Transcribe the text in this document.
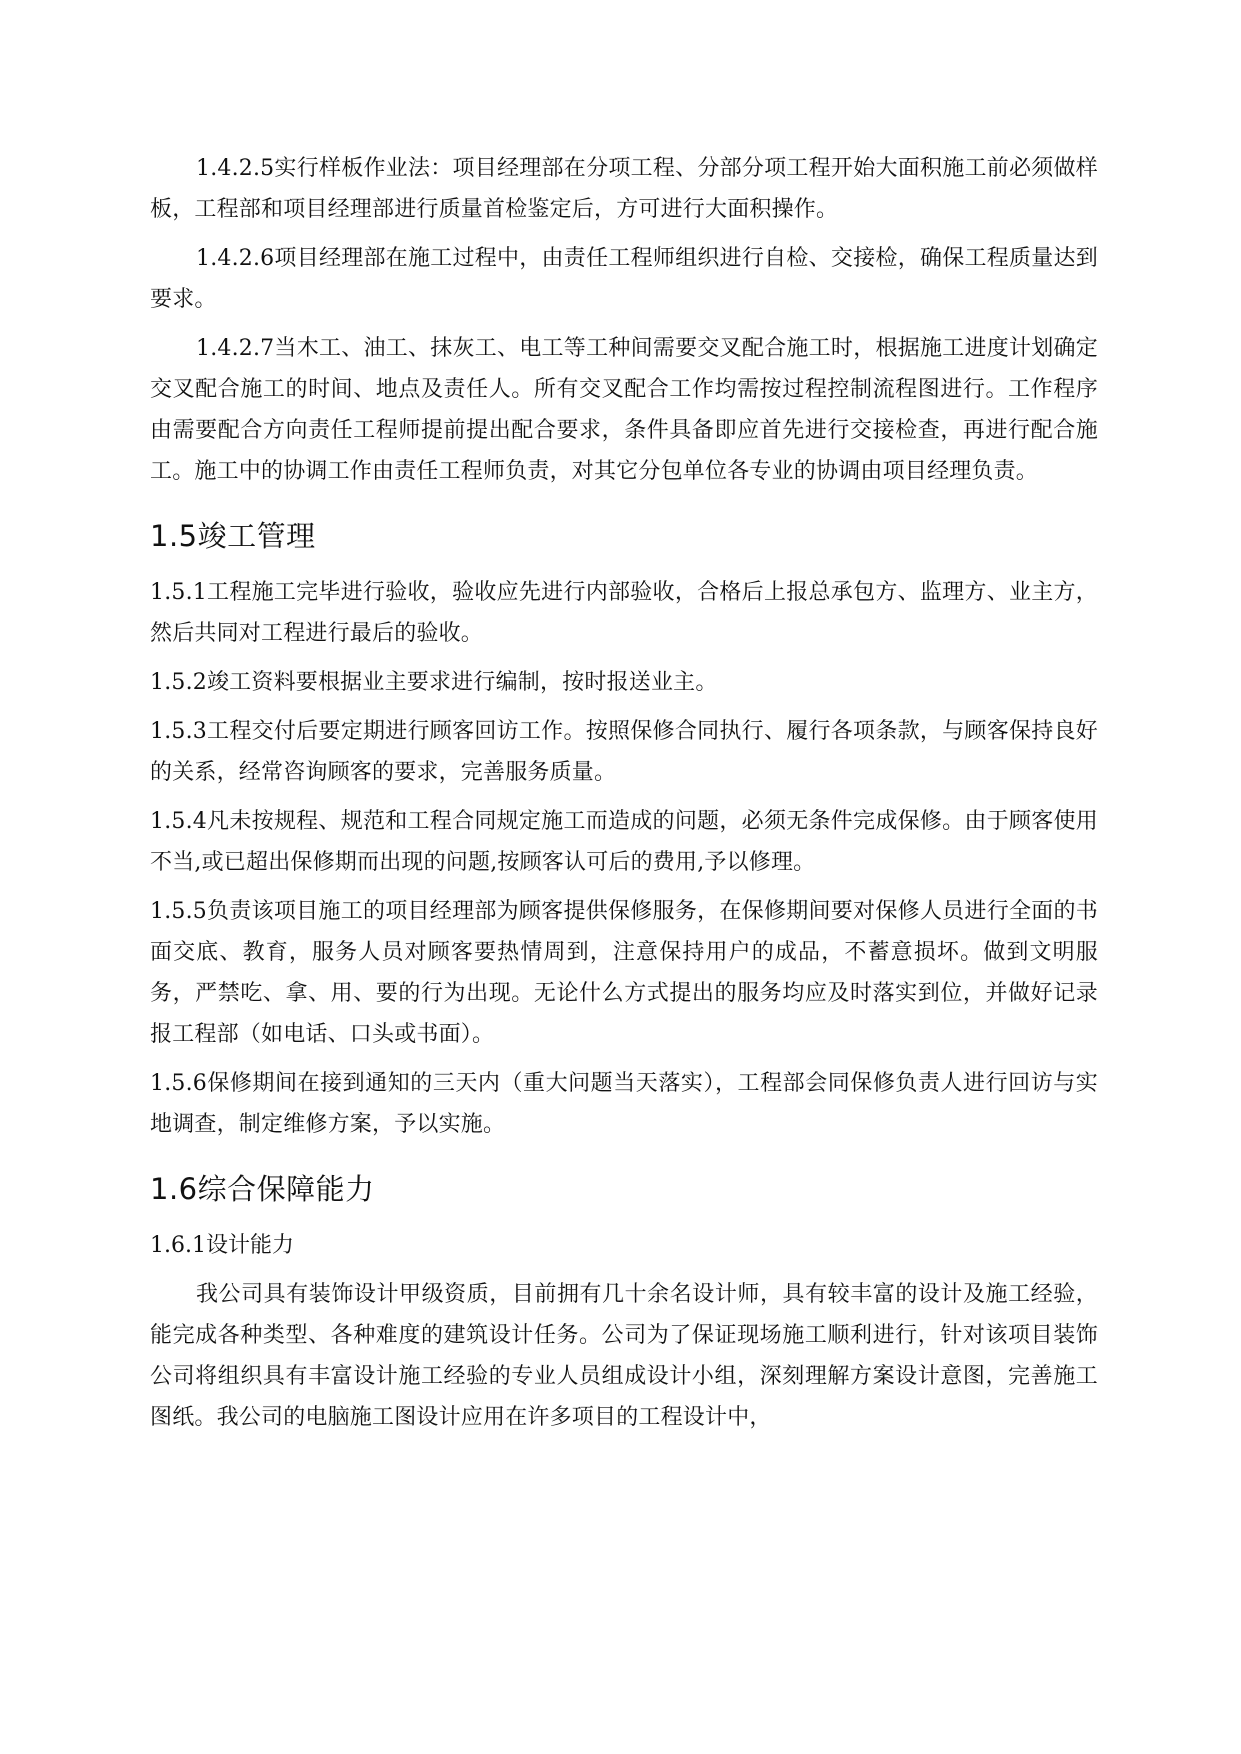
1.4.2.5实行样板作业法：项目经理部在分项工程、分部分项工程开始大面积施工前必须做样板，工程部和项目经理部进行质量首检鉴定后，方可进行大面积操作。

1.4.2.6项目经理部在施工过程中，由责任工程师组织进行自检、交接检，确保工程质量达到要求。

1.4.2.7当木工、油工、抹灰工、电工等工种间需要交叉配合施工时，根据施工进度计划确定交叉配合施工的时间、地点及责任人。所有交叉配合工作均需按过程控制流程图进行。工作程序由需要配合方向责任工程师提前提出配合要求，条件具备即应首先进行交接检查，再进行配合施工。施工中的协调工作由责任工程师负责，对其它分包单位各专业的协调由项目经理负责。

1.5竣工管理

1.5.1工程施工完毕进行验收，验收应先进行内部验收，合格后上报总承包方、监理方、业主方，然后共同对工程进行最后的验收。

1.5.2竣工资料要根据业主要求进行编制，按时报送业主。

1.5.3工程交付后要定期进行顾客回访工作。按照保修合同执行、履行各项条款，与顾客保持良好的关系，经常咨询顾客的要求，完善服务质量。

1.5.4凡未按规程、规范和工程合同规定施工而造成的问题，必须无条件完成保修。由于顾客使用不当,或已超出保修期而出现的问题,按顾客认可后的费用,予以修理。

1.5.5负责该项目施工的项目经理部为顾客提供保修服务，在保修期间要对保修人员进行全面的书面交底、教育，服务人员对顾客要热情周到，注意保持用户的成品，不蓄意损坏。做到文明服务，严禁吃、拿、用、要的行为出现。无论什么方式提出的服务均应及时落实到位，并做好记录报工程部（如电话、口头或书面）。

1.5.6保修期间在接到通知的三天内（重大问题当天落实），工程部会同保修负责人进行回访与实地调查，制定维修方案，予以实施。

1.6综合保障能力

1.6.1设计能力

我公司具有装饰设计甲级资质，目前拥有几十余名设计师，具有较丰富的设计及施工经验，能完成各种类型、各种难度的建筑设计任务。公司为了保证现场施工顺利进行，针对该项目装饰公司将组织具有丰富设计施工经验的专业人员组成设计小组，深刻理解方案设计意图，完善施工图纸。我公司的电脑施工图设计应用在许多项目的工程设计中，
